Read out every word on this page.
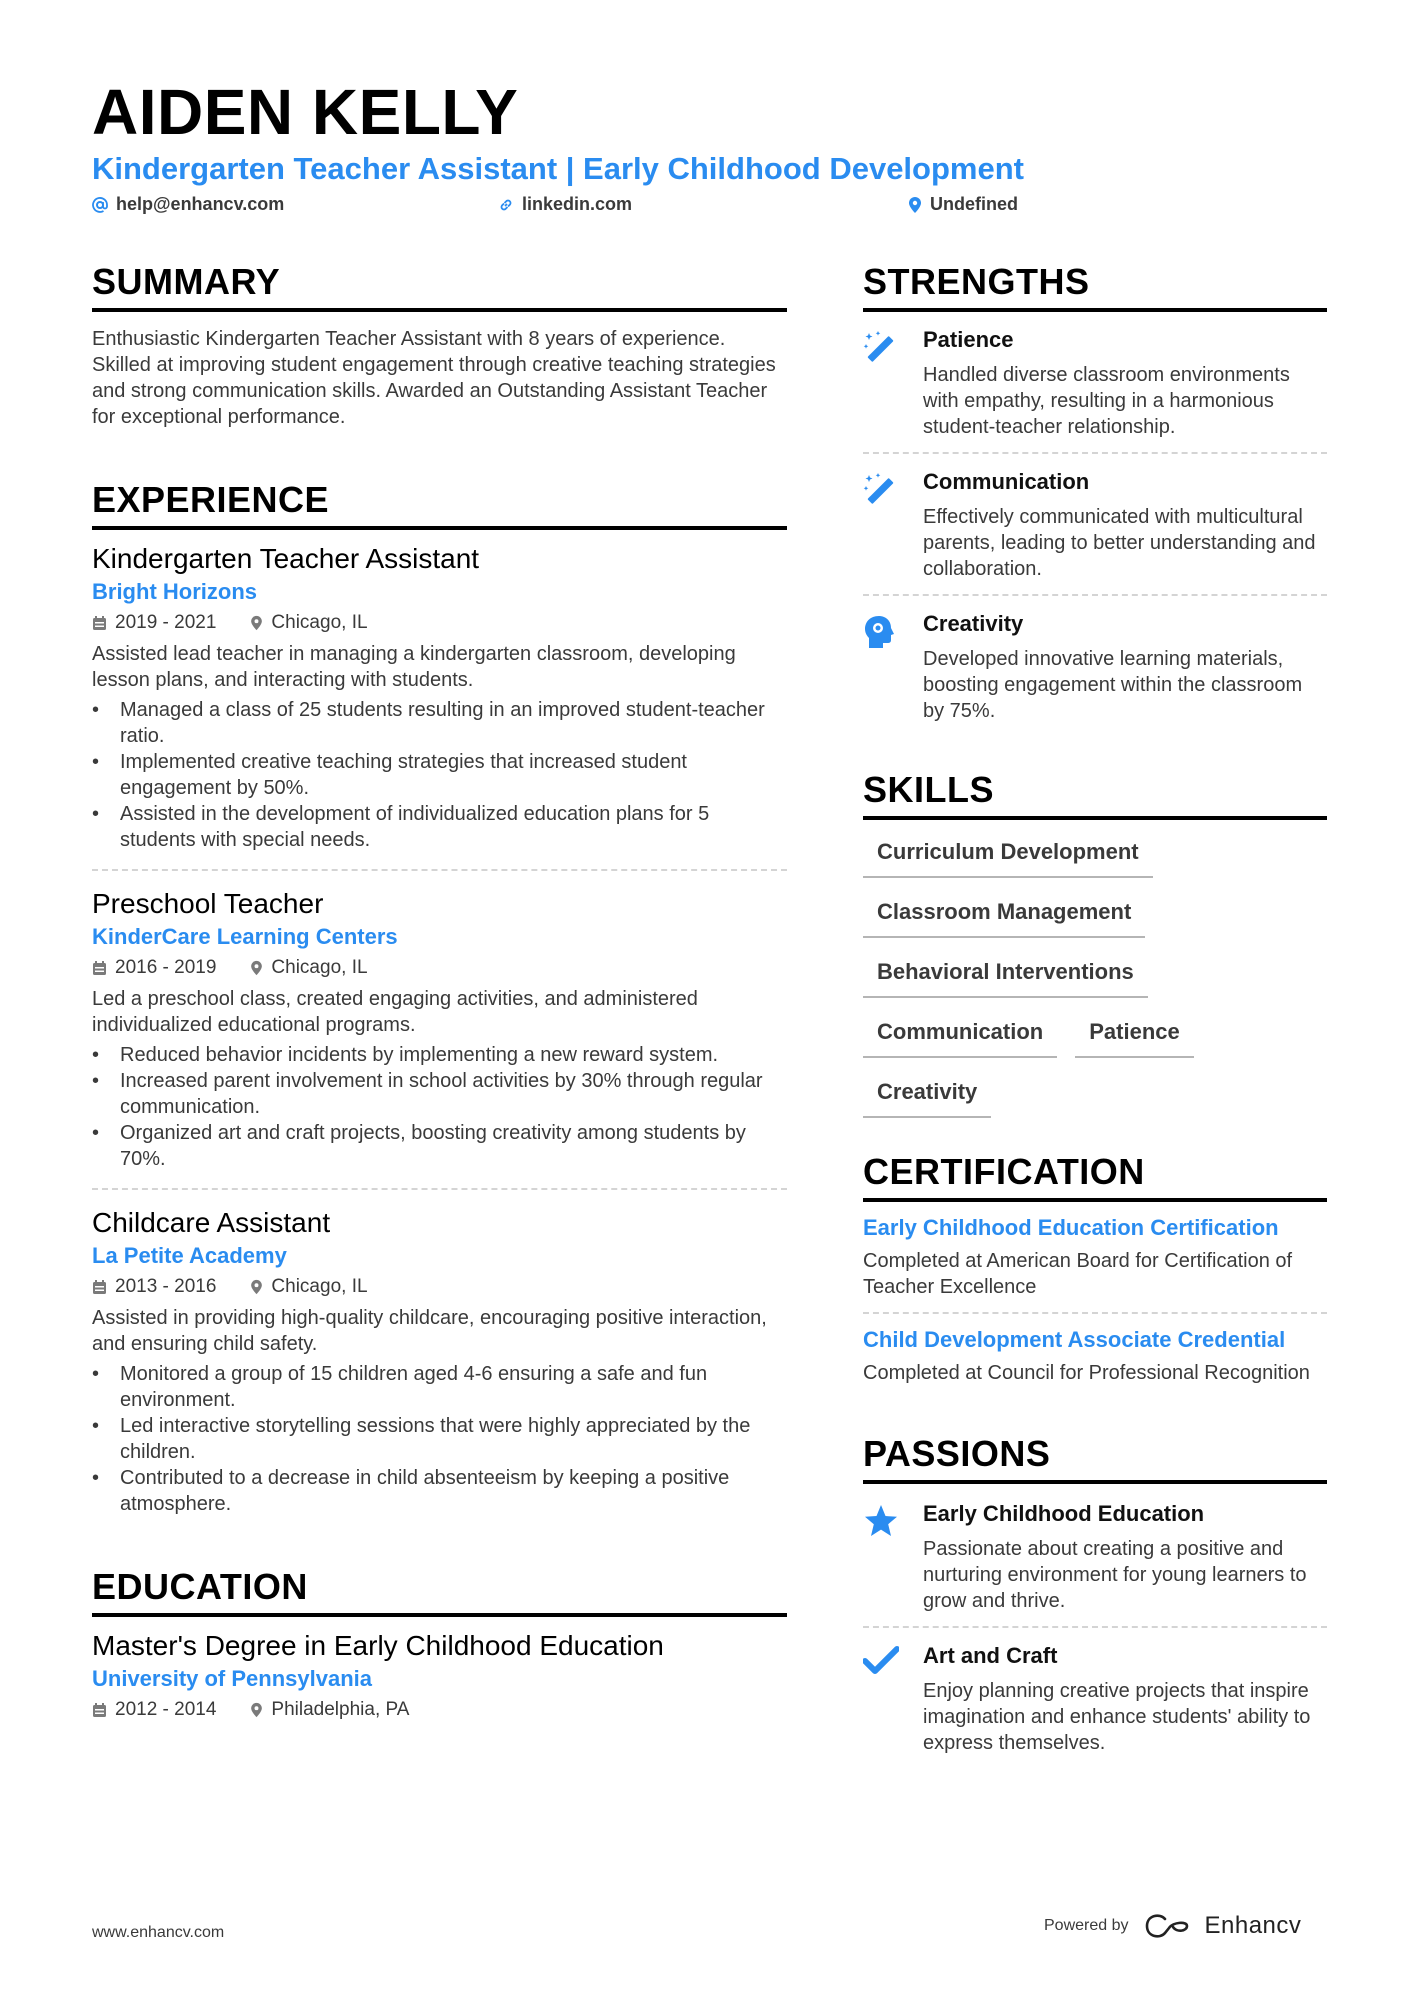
AIDEN KELLY
Kindergarten Teacher Assistant | Early Childhood Development
help@enhancv.com	linkedin.com	Undefined
SUMMARY
Enthusiastic Kindergarten Teacher Assistant with 8 years of experience. Skilled at improving student engagement through creative teaching strategies and strong communication skills. Awarded an Outstanding Assistant Teacher for exceptional performance.
EXPERIENCE
Kindergarten Teacher Assistant
Bright Horizons
2019 - 2021	Chicago, IL
Assisted lead teacher in managing a kindergarten classroom, developing lesson plans, and interacting with students.
• Managed a class of 25 students resulting in an improved student-teacher ratio.
• Implemented creative teaching strategies that increased student engagement by 50%.
• Assisted in the development of individualized education plans for 5 students with special needs.
Preschool Teacher
KinderCare Learning Centers
2016 - 2019	Chicago, IL
Led a preschool class, created engaging activities, and administered individualized educational programs.
• Reduced behavior incidents by implementing a new reward system.
• Increased parent involvement in school activities by 30% through regular communication.
• Organized art and craft projects, boosting creativity among students by 70%.
Childcare Assistant
La Petite Academy
2013 - 2016	Chicago, IL
Assisted in providing high-quality childcare, encouraging positive interaction, and ensuring child safety.
• Monitored a group of 15 children aged 4-6 ensuring a safe and fun environment.
• Led interactive storytelling sessions that were highly appreciated by the children.
• Contributed to a decrease in child absenteeism by keeping a positive atmosphere.
EDUCATION
Master's Degree in Early Childhood Education
University of Pennsylvania
2012 - 2014	Philadelphia, PA
STRENGTHS
Patience
Handled diverse classroom environments with empathy, resulting in a harmonious student-teacher relationship.
Communication
Effectively communicated with multicultural parents, leading to better understanding and collaboration.
Creativity
Developed innovative learning materials, boosting engagement within the classroom by 75%.
SKILLS
Curriculum Development
Classroom Management
Behavioral Interventions
Communication	Patience
Creativity
CERTIFICATION
Early Childhood Education Certification
Completed at American Board for Certification of Teacher Excellence
Child Development Associate Credential
Completed at Council for Professional Recognition
PASSIONS
Early Childhood Education
Passionate about creating a positive and nurturing environment for young learners to grow and thrive.
Art and Craft
Enjoy planning creative projects that inspire imagination and enhance students' ability to express themselves.
www.enhancv.com	Powered by	Enhancv
